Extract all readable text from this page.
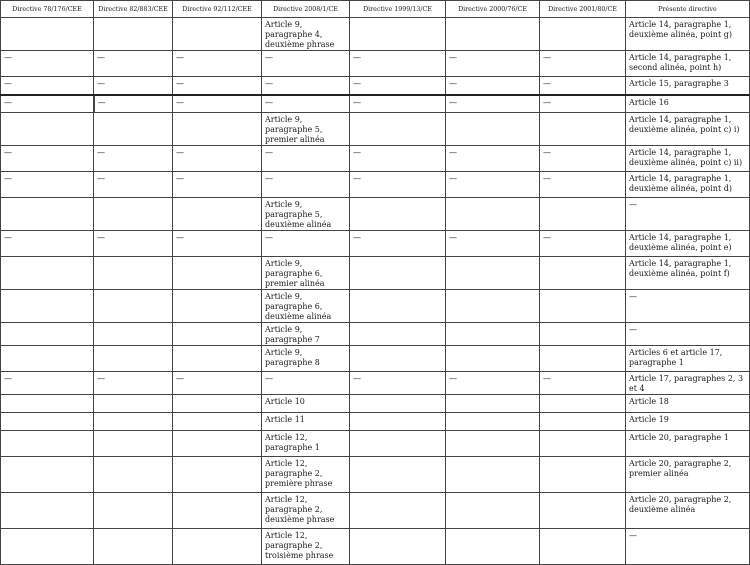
Directive 78/176/CEE	Directive 82/883/CEE	Directive 92/112/CEE	Directive 2008/1/CE	Directive 1999/13/CE	Directive 2000/76/CE	Directive 2001/80/CE	Présente directive
			Article 9, paragraphe 4, deuxième phrase				Article 14, paragraphe 1, deuxième alinéa, point g)
—	—	—	—	—	—	—	Article 14, paragraphe 1, second alinéa, point h)
—	—	—	—	—	—	—	Article 15, paragraphe 3
—	—	—	—	—	—	—	Article 16
			Article 9, paragraphe 5, premier alinéa				Article 14, paragraphe 1, deuxième alinéa, point c) i)
—	—	—	—	—	—	—	Article 14, paragraphe 1, deuxième alinéa, point c) ii)
—	—	—	—	—	—	—	Article 14, paragraphe 1, deuxième alinéa, point d)
			Article 9, paragraphe 5, deuxième alinéa				—
—	—	—	—	—	—	—	Article 14, paragraphe 1, deuxième alinéa, point e)
			Article 9, paragraphe 6, premier alinéa				Article 14, paragraphe 1, deuxième alinéa, point f)
			Article 9, paragraphe 6, deuxième alinéa				—
			Article 9, paragraphe 7				—
			Article 9, paragraphe 8				Articles 6 et article 17, paragraphe 1
—	—	—	—	—	—	—	Article 17, paragraphes 2, 3 et 4
			Article 10				Article 18
			Article 11				Article 19
			Article 12, paragraphe 1				Article 20, paragraphe 1
			Article 12, paragraphe 2, première phrase				Article 20, paragraphe 2, premier alinéa
			Article 12, paragraphe 2, deuxième phrase				Article 20, paragraphe 2, deuxième alinéa
			Article 12, paragraphe 2, troisième phrase				—
